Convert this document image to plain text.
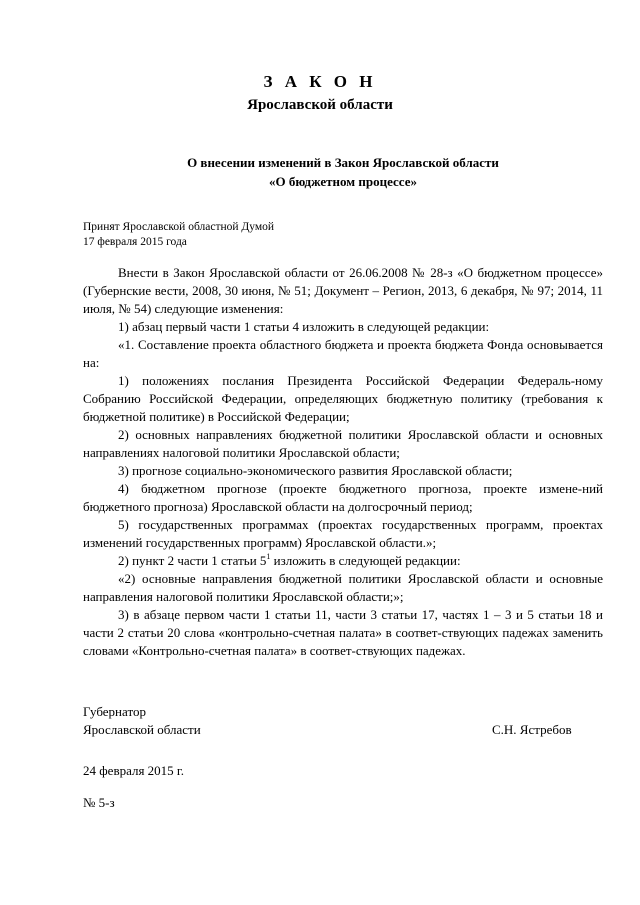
З А К О Н
Ярославской области
О внесении изменений в Закон Ярославской области
«О бюджетном процессе»
Принят Ярославской областной Думой
17 февраля 2015 года

Внести в Закон Ярославской области от 26.06.2008 № 28-з «О бюджетном процессе» (Губернские вести, 2008, 30 июня, № 51; Документ – Регион, 2013, 6 декабря, № 97; 2014, 11 июля, № 54) следующие изменения:

1) абзац первый части 1 статьи 4 изложить в следующей редакции:

«1. Составление проекта областного бюджета и проекта бюджета Фонда основывается на:

1) положениях послания Президента Российской Федерации Федераль-ному Собранию Российской Федерации, определяющих бюджетную политику (требования к бюджетной политике) в Российской Федерации;

2) основных направлениях бюджетной политики Ярославской области и основных направлениях налоговой политики Ярославской области;

3) прогнозе социально-экономического развития Ярославской области;

4) бюджетном прогнозе (проекте бюджетного прогноза, проекте измене-ний бюджетного прогноза) Ярославской области на долгосрочный период;

5) государственных программах (проектах государственных программ, проектах изменений государственных программ) Ярославской области.»;

2) пункт 2 части 1 статьи $5^1$ изложить в следующей редакции:

«2) основные направления бюджетной политики Ярославской области и основные направления налоговой политики Ярославской области;»;

3) в абзаце первом части 1 статьи 11, части 3 статьи 17, частях 1 – 3 и 5 статьи 18 и части 2 статьи 20 слова «контрольно-счетная палата» в соответ-ствующих падежах заменить словами «Контрольно-счетная палата» в соответ-ствующих падежах.

Губернатор
Ярославской области	С.Н. Ястребов
24 февраля 2015 г.
№ 5-з
